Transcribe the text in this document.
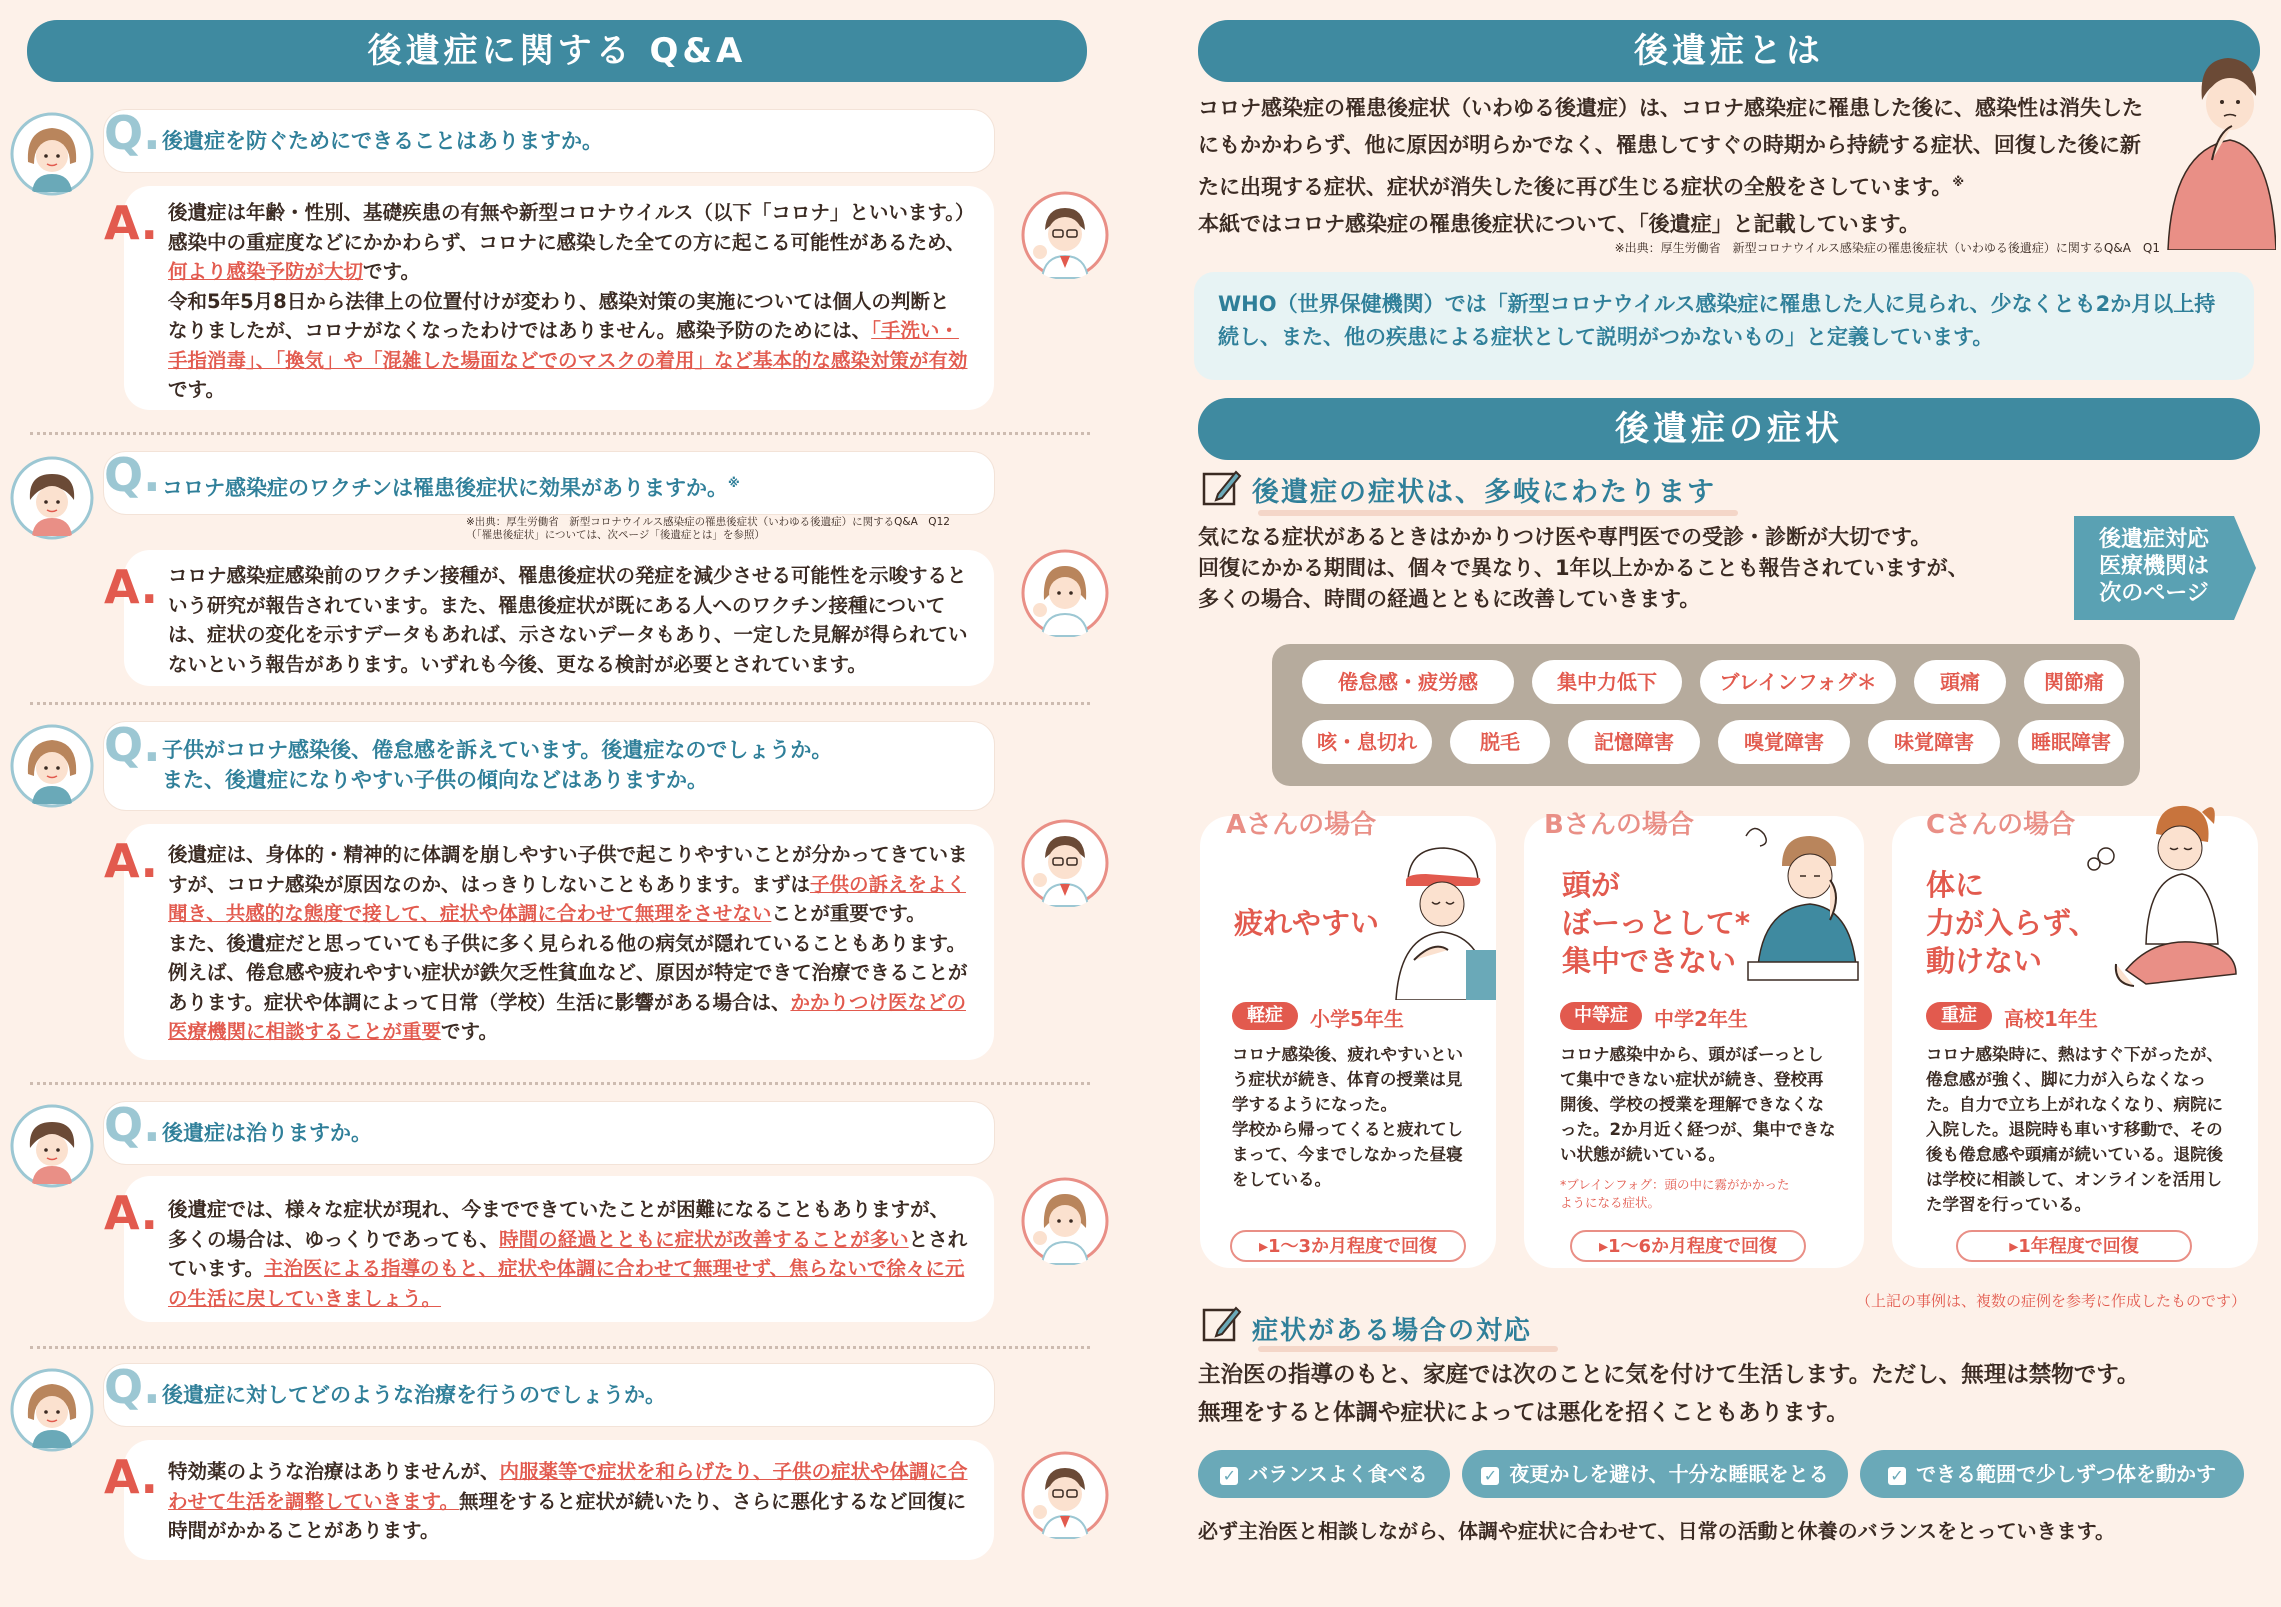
後遺症に関する Q&A
Q. 後遺症を防ぐためにできることはありますか。
A. 後遺症は年齢・性別、基礎疾患の有無や新型コロナウイルス（以下「コロナ」といいます。）感染中の重症度などにかかわらず、コロナに感染した全ての方に起こる可能性があるため、何より感染予防が大切です。
令和5年5月8日から法律上の位置付けが変わり、感染対策の実施については個人の判断となりましたが、コロナがなくなったわけではありません。感染予防のためには、「手洗い・手指消毒」、「換気」や「混雑した場面などでのマスクの着用」など基本的な感染対策が有効です。
Q. コロナ感染症のワクチンは罹患後症状に効果がありますか。※
※出典：厚生労働省　新型コロナウイルス感染症の罹患後症状（いわゆる後遺症）に関するQ&A　Q12
（「罹患後症状」については、次ページ「後遺症とは」を参照）
A. コロナ感染症感染前のワクチン接種が、罹患後症状の発症を減少させる可能性を示唆するという研究が報告されています。また、罹患後症状が既にある人へのワクチン接種については、症状の変化を示すデータもあれば、示さないデータもあり、一定した見解が得られていないという報告があります。いずれも今後、更なる検討が必要とされています。
Q. 子供がコロナ感染後、倦怠感を訴えています。後遺症なのでしょうか。
また、後遺症になりやすい子供の傾向などはありますか。
A. 後遺症は、身体的・精神的に体調を崩しやすい子供で起こりやすいことが分かってきていますが、コロナ感染が原因なのか、はっきりしないこともあります。まずは子供の訴えをよく聞き、共感的な態度で接して、症状や体調に合わせて無理をさせないことが重要です。
また、後遺症だと思っていても子供に多く見られる他の病気が隠れていることもあります。例えば、倦怠感や疲れやすい症状が鉄欠乏性貧血など、原因が特定できて治療できることがあります。症状や体調によって日常（学校）生活に影響がある場合は、かかりつけ医などの医療機関に相談することが重要です。
Q. 後遺症は治りますか。
A. 後遺症では、様々な症状が現れ、今までできていたことが困難になることもありますが、多くの場合は、ゆっくりであっても、時間の経過とともに症状が改善することが多いとされています。主治医による指導のもと、症状や体調に合わせて無理せず、焦らないで徐々に元の生活に戻していきましょう。
Q. 後遺症に対してどのような治療を行うのでしょうか。
A. 特効薬のような治療はありませんが、内服薬等で症状を和らげたり、子供の症状や体調に合わせて生活を調整していきます。無理をすると症状が続いたり、さらに悪化するなど回復に時間がかかることがあります。
後遺症とは
コロナ感染症の罹患後症状（いわゆる後遺症）は、コロナ感染症に罹患した後に、感染性は消失したにもかかわらず、他に原因が明らかでなく、罹患してすぐの時期から持続する症状、回復した後に新たに出現する症状、症状が消失した後に再び生じる症状の全般をさしています。※
本紙ではコロナ感染症の罹患後症状について、「後遺症」と記載しています。
※出典：厚生労働省　新型コロナウイルス感染症の罹患後症状（いわゆる後遺症）に関するQ&A　Q1
WHO（世界保健機関）では「新型コロナウイルス感染症に罹患した人に見られ、少なくとも2か月以上持続し、また、他の疾患による症状として説明がつかないもの」と定義しています。
後遺症の症状
後遺症の症状は、多岐にわたります
気になる症状があるときはかかりつけ医や専門医での受診・診断が大切です。
回復にかかる期間は、個々で異なり、1年以上かかることも報告されていますが、
多くの場合、時間の経過とともに改善していきます。
後遺症対応
医療機関は
次のページ
倦怠感・疲労感	集中力低下	ブレインフォグ＊	頭痛	関節痛
咳・息切れ	脱毛	記憶障害	嗅覚障害	味覚障害	睡眠障害
Aさんの場合
疲れやすい
軽症	小学5年生
コロナ感染後、疲れやすいという症状が続き、体育の授業は見学するようになった。
学校から帰ってくると疲れてしまって、今までしなかった昼寝をしている。
▸1〜3か月程度で回復
Bさんの場合
頭が
ぼーっとして*
集中できない
中等症	中学2年生
コロナ感染中から、頭がぼーっとして集中できない症状が続き、登校再開後、学校の授業を理解できなくなった。2か月近く経つが、集中できない状態が続いている。
*ブレインフォグ：頭の中に霧がかかったようになる症状。
▸1〜6か月程度で回復
Cさんの場合
体に
力が入らず、
動けない
重症	高校1年生
コロナ感染時に、熱はすぐ下がったが、倦怠感が強く、脚に力が入らなくなった。自力で立ち上がれなくなり、病院に入院した。退院時も車いす移動で、その後も倦怠感や頭痛が続いている。退院後は学校に相談して、オンラインを活用した学習を行っている。
▸1年程度で回復
（上記の事例は、複数の症例を参考に作成したものです）
症状がある場合の対応
主治医の指導のもと、家庭では次のことに気を付けて生活します。ただし、無理は禁物です。
無理をすると体調や症状によっては悪化を招くこともあります。
✓ バランスよく食べる	✓ 夜更かしを避け、十分な睡眠をとる	✓ できる範囲で少しずつ体を動かす
必ず主治医と相談しながら、体調や症状に合わせて、日常の活動と休養のバランスをとっていきます。
